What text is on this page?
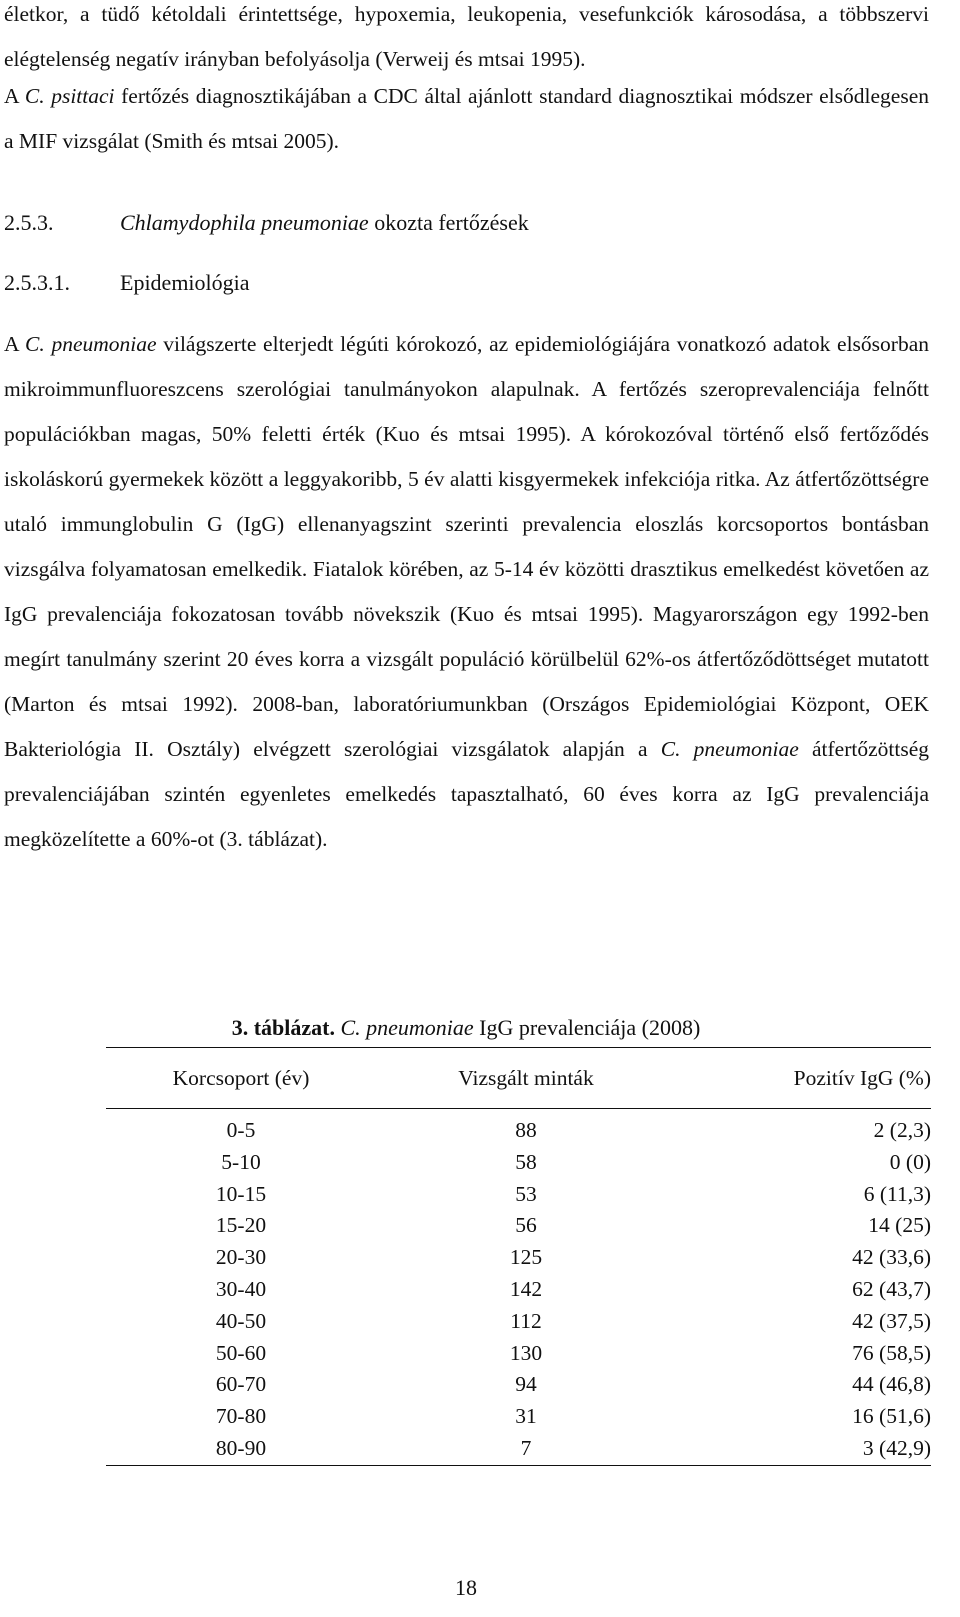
életkor, a tüdő kétoldali érintettsége, hypoxemia, leukopenia, vesefunkciók károsodása, a többszervi elégtelenség negatív irányban befolyásolja (Verweij és mtsai 1995).

A C. psittaci fertőzés diagnosztikájában a CDC által ajánlott standard diagnosztikai módszer elsődlegesen a MIF vizsgálat (Smith és mtsai 2005).

2.5.3.	Chlamydophila pneumoniae okozta fertőzések
2.5.3.1. Epidemiológia

A C. pneumoniae világszerte elterjedt légúti kórokozó, az epidemiológiájára vonatkozó adatok elsősorban mikroimmunfluoreszcens szerológiai tanulmányokon alapulnak. A fertőzés szeroprevalenciája felnőtt populációkban magas, 50% feletti érték (Kuo és mtsai 1995). A kórokozóval történő első fertőződés iskoláskorú gyermekek között a leggyakoribb, 5 év alatti kisgyermekek infekciója ritka. Az átfertőzöttségre utaló immunglobulin G (IgG) ellenanyagszint szerinti prevalencia eloszlás korcsoportos bontásban vizsgálva folyamatosan emelkedik. Fiatalok körében, az 5-14 év közötti drasztikus emelkedést követően az IgG prevalenciája fokozatosan tovább növekszik (Kuo és mtsai 1995). Magyarországon egy 1992-ben megírt tanulmány szerint 20 éves korra a vizsgált populáció körülbelül 62%-os átfertőződöttséget mutatott (Marton és mtsai 1992). 2008-ban, laboratóriumunkban (Országos Epidemiológiai Központ, OEK Bakteriológia II. Osztály) elvégzett szerológiai vizsgálatok alapján a C. pneumoniae átfertőzöttség prevalenciájában szintén egyenletes emelkedés tapasztalható, 60 éves korra az IgG prevalenciája megközelítette a 60%-ot (3. táblázat).

3. táblázat. C. pneumoniae IgG prevalenciája (2008)
Korcsoport (év)	Vizsgált minták	Pozitív IgG (%)
0-5	88	2 (2,3)
5-10	58	0 (0)
10-15	53	6 (11,3)
15-20	56	14 (25)
20-30	125	42 (33,6)
30-40	142	62 (43,7)
40-50	112	42 (37,5)
50-60	130	76 (58,5)
60-70	94	44 (46,8)
70-80	31	16 (51,6)
80-90	7	3 (42,9)
18
